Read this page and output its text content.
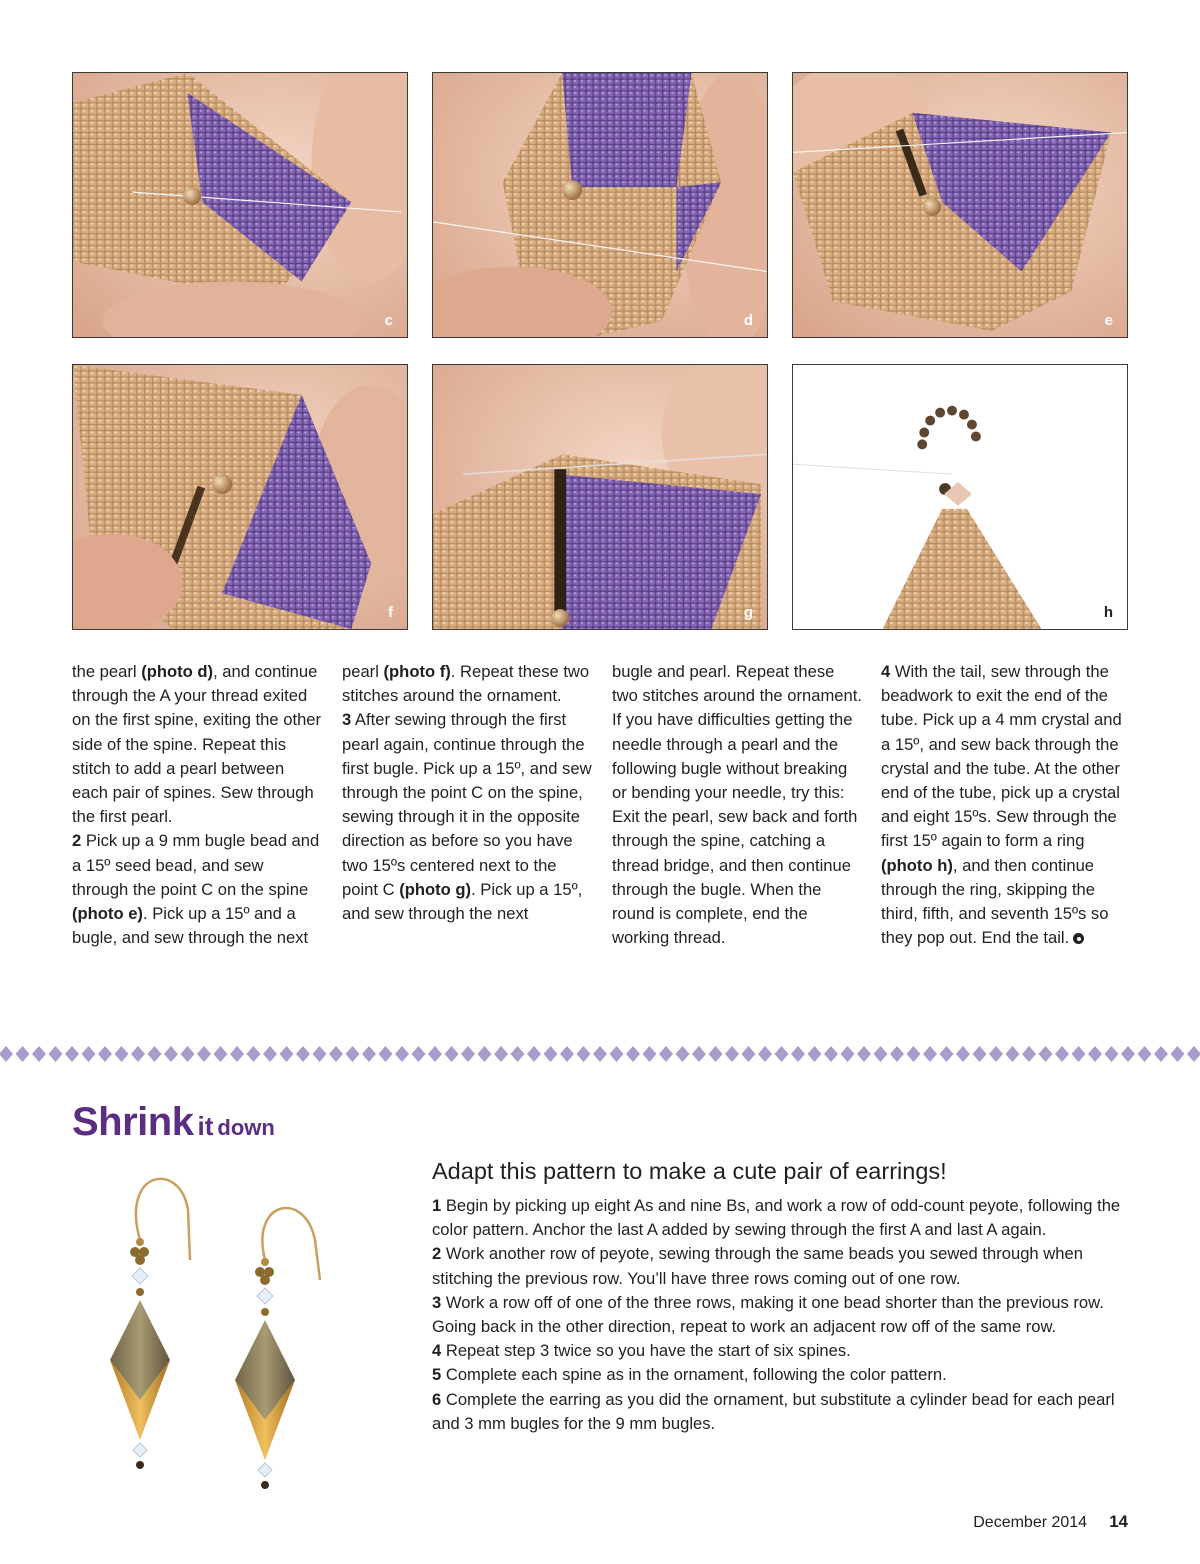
c	d	e
f	g	h

the pearl (photo d), and continue through the A your thread exited on the first spine, exiting the other side of the spine. Repeat this stitch to add a pearl between each pair of spines. Sew through the first pearl.

2 Pick up a 9 mm bugle bead and a 15º seed bead, and sew through the point C on the spine (photo e). Pick up a 15º and a bugle, and sew through the next

pearl (photo f). Repeat these two stitches around the ornament.

3 After sewing through the first pearl again, continue through the first bugle. Pick up a 15º, and sew through the point C on the spine, sewing through it in the opposite direction as before so you have two 15ºs centered next to the point C (photo g). Pick up a 15º, and sew through the next

bugle and pearl. Repeat these two stitches around the ornament. If you have difficulties getting the needle through a pearl and the following bugle without breaking or bending your needle, try this: Exit the pearl, sew back and forth through the spine, catching a thread bridge, and then continue through the bugle. When the round is complete, end the working thread.

4 With the tail, sew through the beadwork to exit the end of the tube. Pick up a 4 mm crystal and a 15º, and sew back through the crystal and the tube. At the other end of the tube, pick up a crystal and eight 15ºs. Sew through the first 15º again to form a ring (photo h), and then continue through the ring, skipping the third, fifth, and seventh 15ºs so they pop out. End the tail.

Shrink it down
Adapt this pattern to make a cute pair of earrings!

1 Begin by picking up eight As and nine Bs, and work a row of odd-count peyote, following the color pattern. Anchor the last A added by sewing through the first A and last A again.

2 Work another row of peyote, sewing through the same beads you sewed through when stitching the previous row. You’ll have three rows coming out of one row.

3 Work a row off of one of the three rows, making it one bead shorter than the previous row. Going back in the other direction, repeat to work an adjacent row off of the same row.

4 Repeat step 3 twice so you have the start of six spines.

5 Complete each spine as in the ornament, following the color pattern.

6 Complete the earring as you did the ornament, but substitute a cylinder bead for each pearl and 3 mm bugles for the 9 mm bugles.

December 2014 14
